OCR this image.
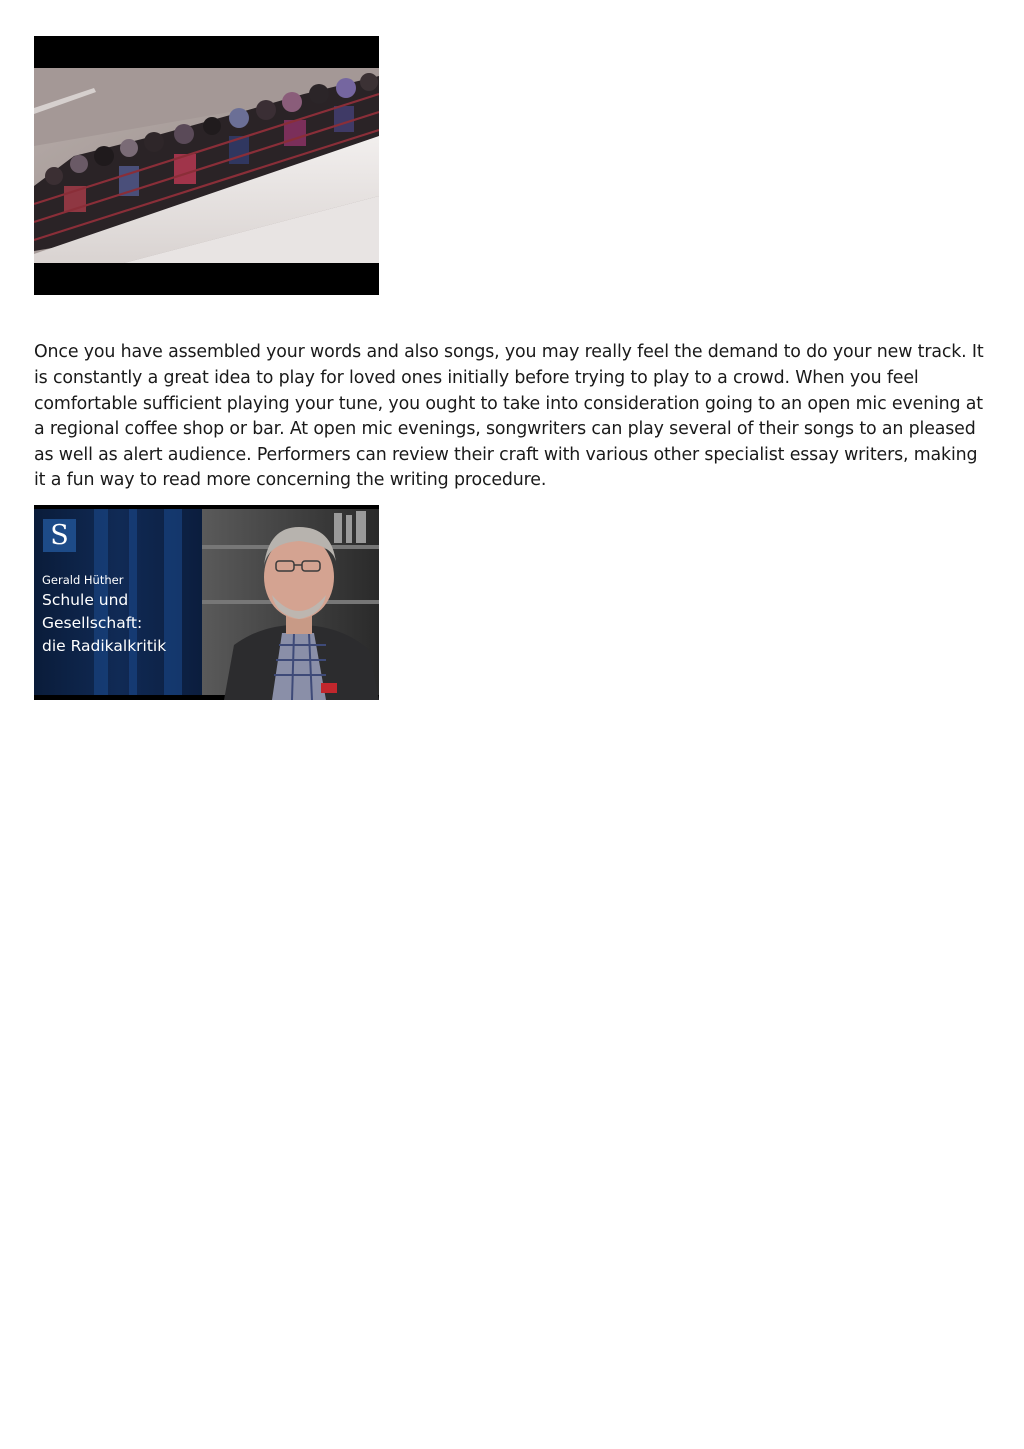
Once you have assembled your words and also songs, you may really feel the demand to do your new track. It is constantly a great idea to play for loved ones initially before trying to play to a crowd. When you feel comfortable sufficient playing your tune, you ought to take into consideration going to an open mic evening at a regional coffee shop or bar. At open mic evenings, songwriters can play several of their songs to an pleased as well as alert audience. Performers can review their craft with various other specialist essay writers, making it a fun way to read more concerning the writing procedure.

S
Gerald Hüther
Schule und
Gesellschaft:
die Radikalkritik
